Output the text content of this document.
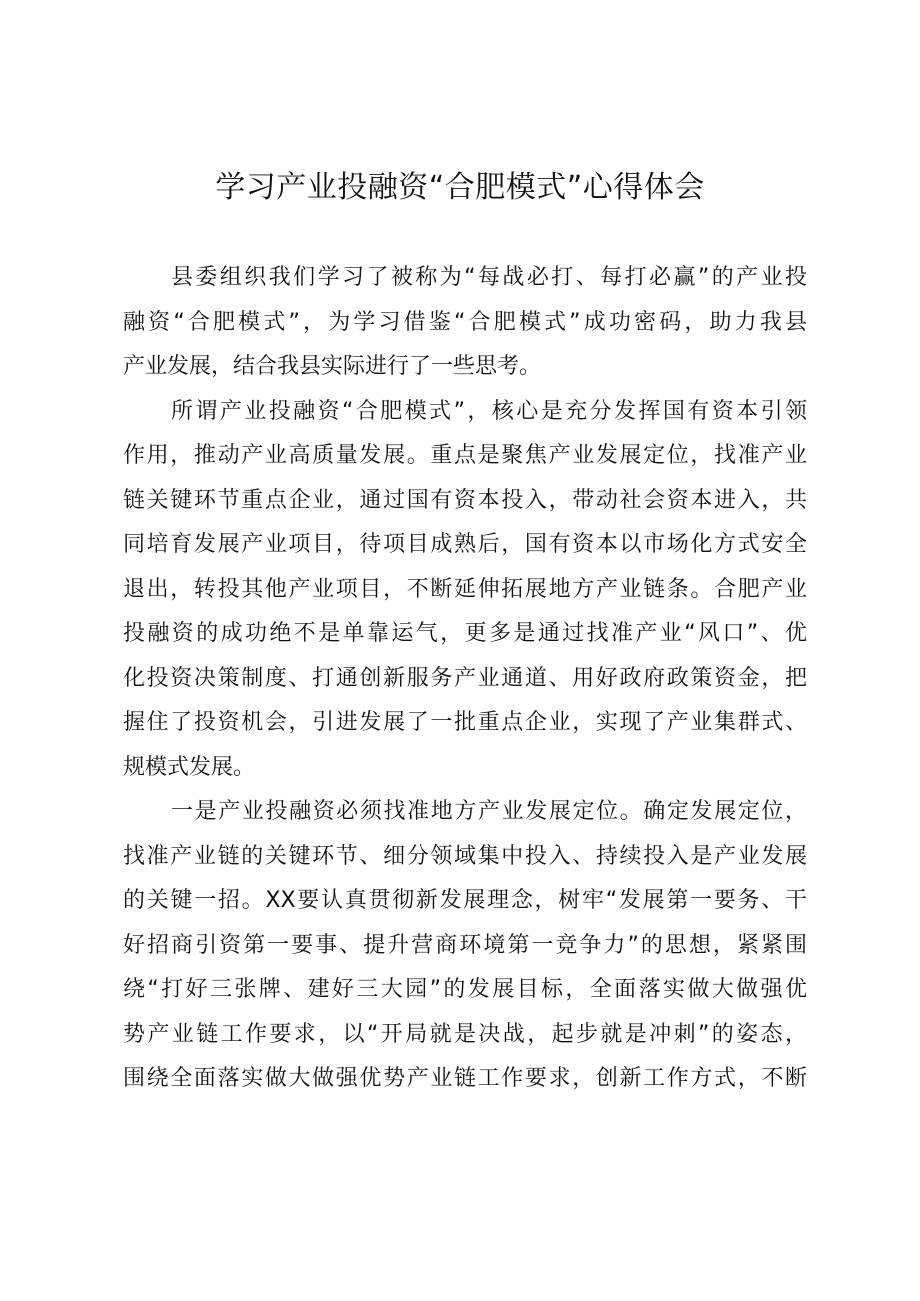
学习产业投融资“合肥模式”心得体会

县委组织我们学习了被称为“每战必打、每打必赢”的产业投
融资“合肥模式”，为学习借鉴“合肥模式”成功密码，助力我县
产业发展，结合我县实际进行了一些思考。

所谓产业投融资“合肥模式”，核心是充分发挥国有资本引领
作用，推动产业高质量发展。重点是聚焦产业发展定位，找准产业
链关键环节重点企业，通过国有资本投入，带动社会资本进入，共
同培育发展产业项目，待项目成熟后，国有资本以市场化方式安全
退出，转投其他产业项目，不断延伸拓展地方产业链条。合肥产业
投融资的成功绝不是单靠运气，更多是通过找准产业“风口”、优
化投资决策制度、打通创新服务产业通道、用好政府政策资金，把
握住了投资机会，引进发展了一批重点企业，实现了产业集群式、
规模式发展。

一是产业投融资必须找准地方产业发展定位。确定发展定位，
找准产业链的关键环节、细分领域集中投入、持续投入是产业发展
的关键一招。XX要认真贯彻新发展理念，树牢“发展第一要务、干
好招商引资第一要事、提升营商环境第一竞争力”的思想，紧紧围
绕“打好三张牌、建好三大园”的发展目标，全面落实做大做强优
势产业链工作要求，以“开局就是决战，起步就是冲刺”的姿态，
围绕全面落实做大做强优势产业链工作要求，创新工作方式，不断
